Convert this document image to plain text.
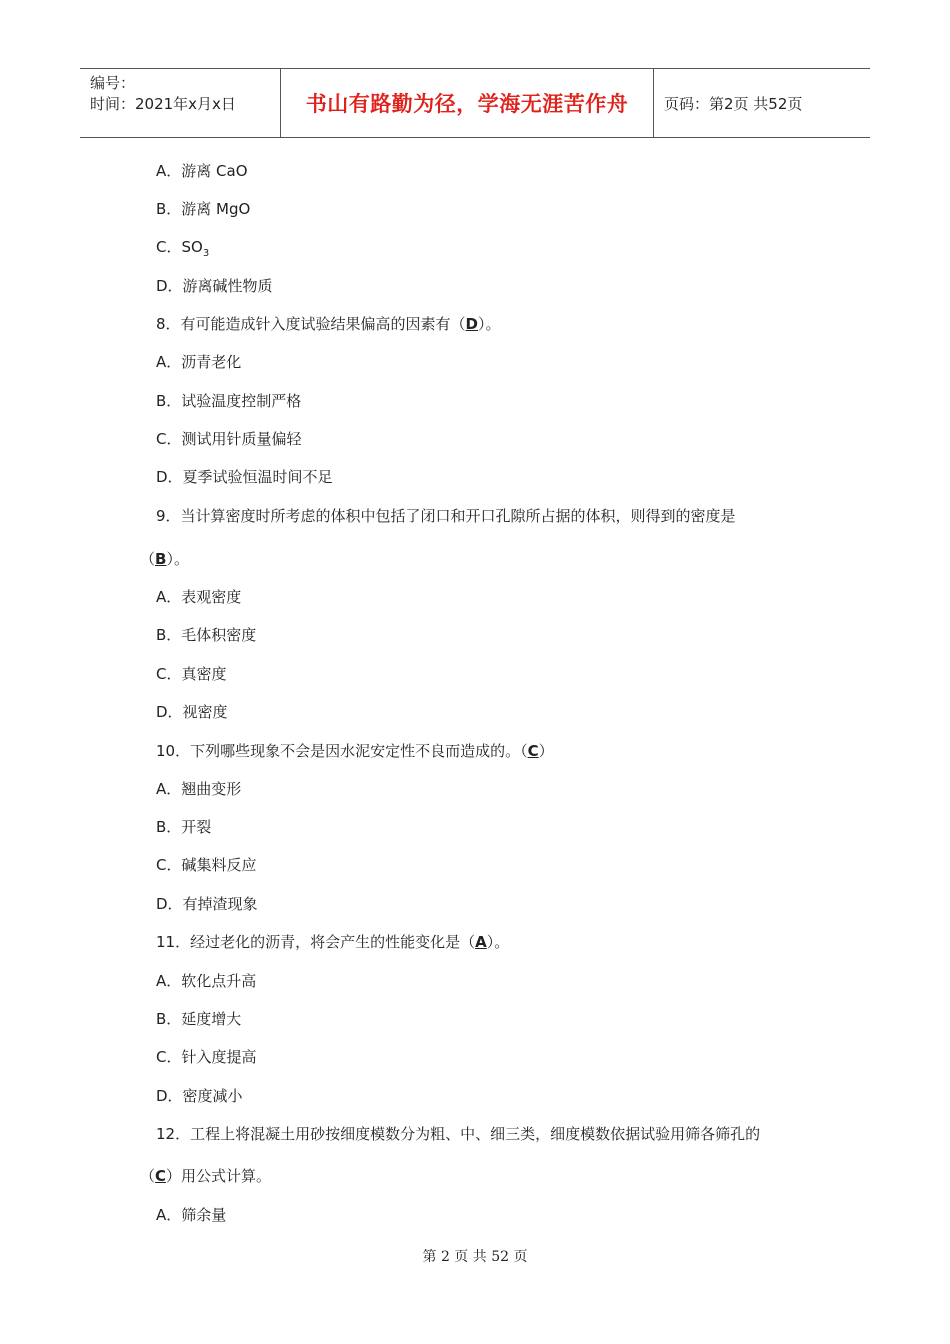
编号：
时间：2021年x月x日	书山有路勤为径，学海无涯苦作舟 页码：第2页 共52页
A．游离 CaO
B．游离 MgO
C．$SO_3$
D．游离碱性物质
8．有可能造成针入度试验结果偏高的因素有（D）。
A．沥青老化
B．试验温度控制严格
C．测试用针质量偏轻
D．夏季试验恒温时间不足
9．当计算密度时所考虑的体积中包括了闭口和开口孔隙所占据的体积，则得到的密度是
（B）。
A．表观密度
B．毛体积密度
C．真密度
D．视密度
10．下列哪些现象不会是因水泥安定性不良而造成的。（C）
A．翘曲变形
B．开裂
C．碱集料反应
D．有掉渣现象
11．经过老化的沥青，将会产生的性能变化是（A）。
A．软化点升高
B．延度增大
C．针入度提高
D．密度减小
12．工程上将混凝土用砂按细度模数分为粗、中、细三类，细度模数依据试验用筛各筛孔的
（C）用公式计算。
A．筛余量
第 2 页 共 52 页
